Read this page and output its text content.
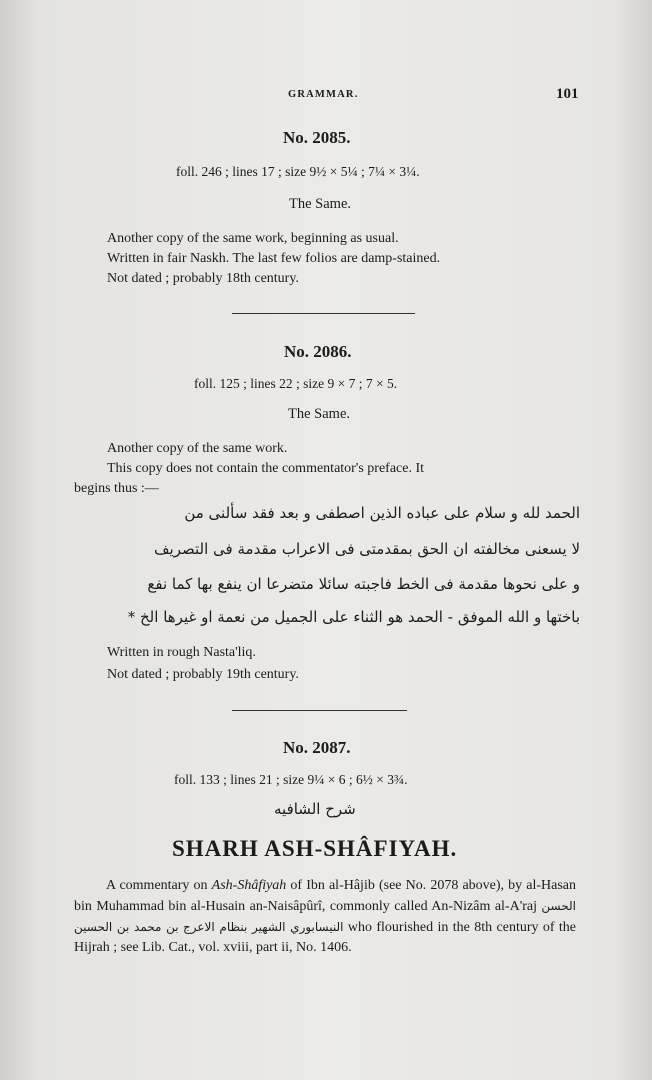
GRAMMAR.	101
No. 2085.
foll. 246 ; lines 17 ; size 9½ × 5¼ ; 7¼ × 3¼.
The Same.
Another copy of the same work, beginning as usual.
Written in fair Naskh. The last few folios are damp-stained.
Not dated ; probably 18th century.
No. 2086.
foll. 125 ; lines 22 ; size 9 × 7 ; 7 × 5.
The Same.
Another copy of the same work.
This copy does not contain the commentator's preface. It
begins thus :—
الحمد لله و سلام على عباده الذين اصطفى و بعد فقد سألنى من
لا يسعنى مخالفته ان الحق بمقدمتى فى الاعراب مقدمة فى التصريف
و على نحوها مقدمة فى الخط فاجبته سائلا متضرعا ان ينفع بها كما نفع
باختها و الله الموفق - الحمد هو الثناء على الجميل من نعمة او غيرها الخ *
Written in rough Nasta'liq.
Not dated ; probably 19th century.
No. 2087.
foll. 133 ; lines 21 ; size 9¼ × 6 ; 6½ × 3¾.
شرح الشافيه
SHARH ASH-SHÂFIYAH.
A commentary on Ash-Shâfiyah of Ibn al-Hâjib (see No. 2078 above), by al-Hasan bin Muhammad bin al-Husain an-Naisâpûrî, commonly called An-Nizâm al-A'raj الحسن بن محمد بن الحسين النيسابوري الشهير بنظام الاعرج who flourished in the 8th century of the Hijrah ; see Lib. Cat., vol. xviii, part ii, No. 1406.
